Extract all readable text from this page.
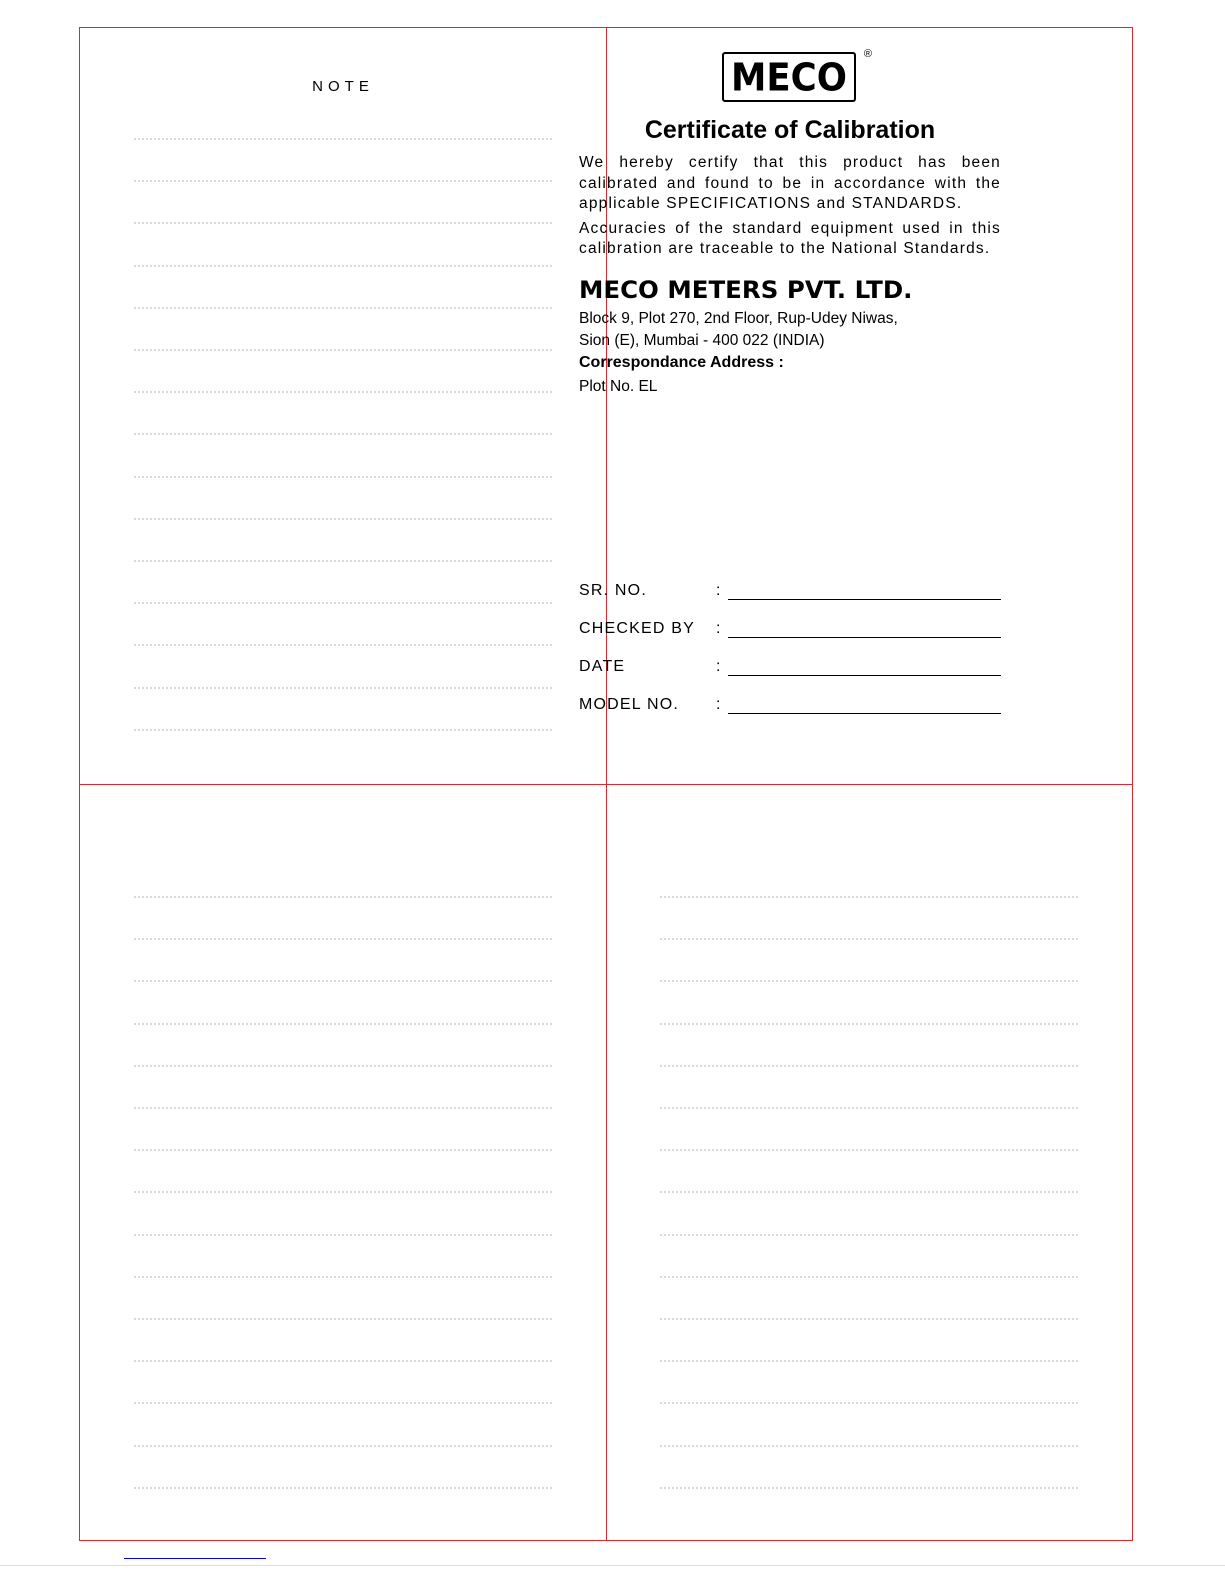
NOTE	MECO
®
Certificate of Calibration
We hereby certify that this product has been calibrated and found to be in accordance with the applicable SPECIFICATIONS and STANDARDS.
Accuracies of the standard equipment used in this calibration are traceable to the National Standards.
MECO METERS PVT. LTD.
Block 9, Plot 270, 2nd Floor, Rup-Udey Niwas,
Sion (E), Mumbai - 400 022 (INDIA)
Correspondance Address :
Plot No. EL
SR. NO.	:
CHECKED BY :
DATE	:
MODEL NO. :
